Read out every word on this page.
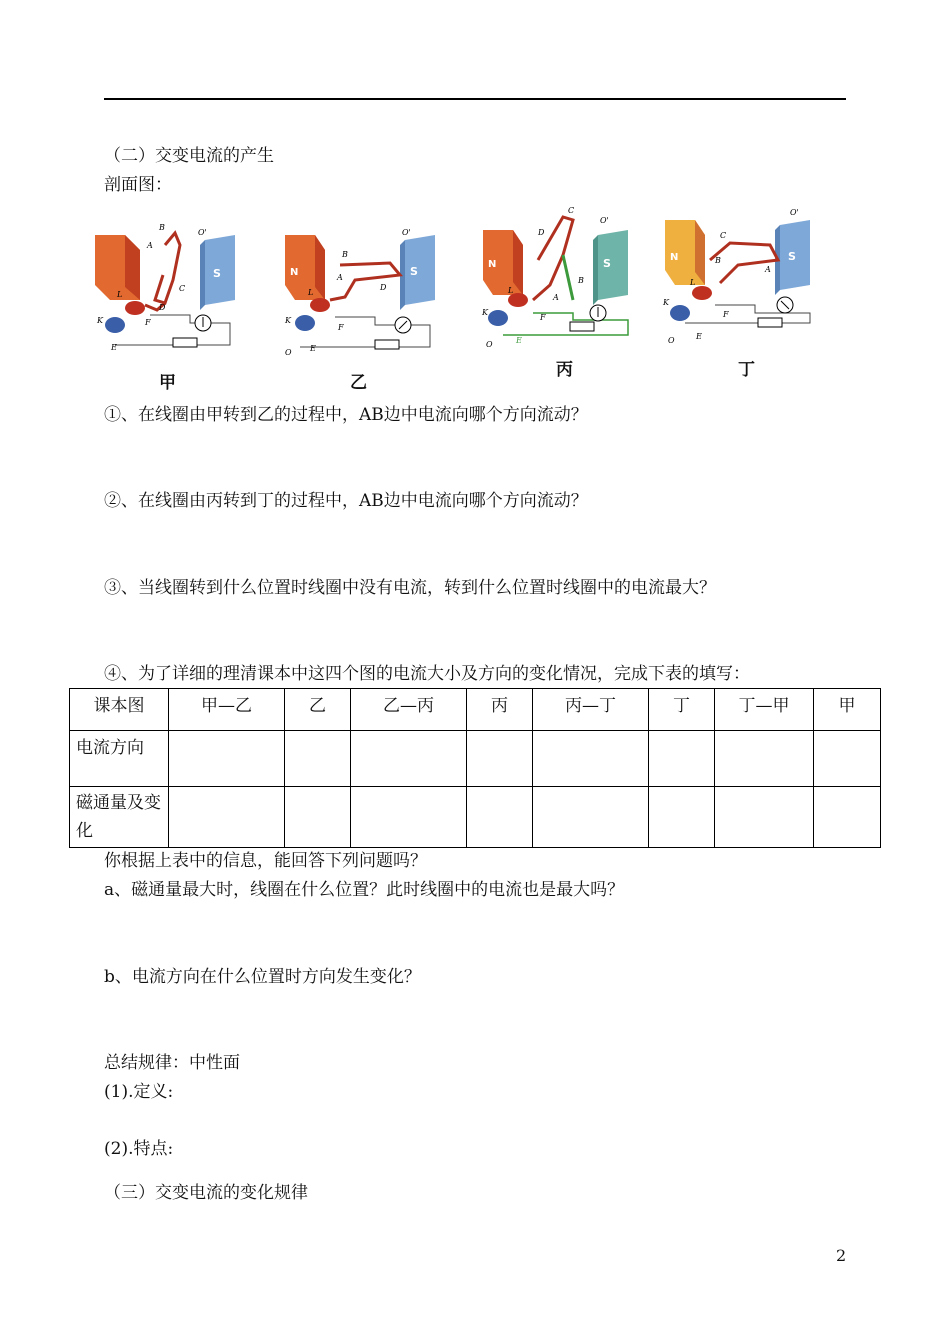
（二）交变电流的产生
剖面图：
S
A
B
O'
C
D
L
K	F
E
甲
N	S
B
A
O'
D
L
K
F
O E
乙
N	S
C
D
O'
B
A
L
K
F
O	E
丙
N	S
O'
C
B
A
L
K
F
O	E
丁
①、在线圈由甲转到乙的过程中，AB边中电流向哪个方向流动？
②、在线圈由丙转到丁的过程中，AB边中电流向哪个方向流动？
③、当线圈转到什么位置时线圈中没有电流，转到什么位置时线圈中的电流最大？
④、为了详细的理清课本中这四个图的电流大小及方向的变化情况，完成下表的填写：
课本图	甲—乙	乙	乙—丙	丙	丙—丁	丁	丁—甲	甲
电流方向								
磁通量及变化								
你根据上表中的信息，能回答下列问题吗？
a、磁通量最大时，线圈在什么位置？此时线圈中的电流也是最大吗？
b、电流方向在什么位置时方向发生变化？
总结规律：中性面
(1).定义:
(2).特点:
（三）交变电流的变化规律
2
